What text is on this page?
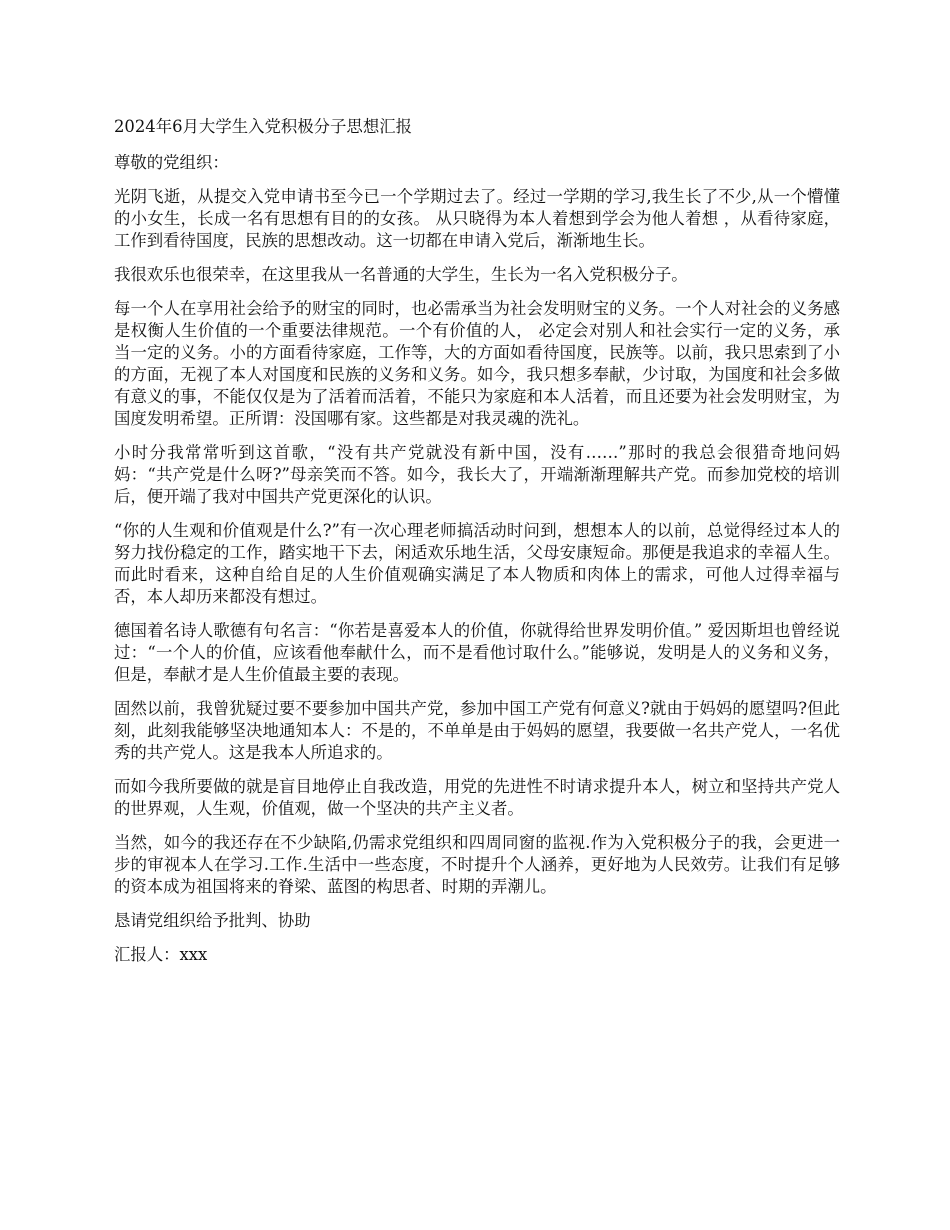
2024年6月大学生入党积极分子思想汇报

尊敬的党组织：

光阴飞逝，从提交入党申请书至今已一个学期过去了。经过一学期的学习,我生长了不少,从一个懵懂的小女生，长成一名有思想有目的的女孩。 从只晓得为本人着想到学会为他人着想 ，从看待家庭，工作到看待国度，民族的思想改动。这一切都在申请入党后，渐渐地生长。

我很欢乐也很荣幸，在这里我从一名普通的大学生，生长为一名入党积极分子。

每一个人在享用社会给予的财宝的同时，也必需承当为社会发明财宝的义务。一个人对社会的义务感是权衡人生价值的一个重要法律规范。一个有价值的人， 必定会对别人和社会实行一定的义务，承当一定的义务。小的方面看待家庭，工作等，大的方面如看待国度，民族等。以前，我只思索到了小的方面，无视了本人对国度和民族的义务和义务。如今，我只想多奉献，少讨取，为国度和社会多做有意义的事，不能仅仅是为了活着而活着，不能只为家庭和本人活着，而且还要为社会发明财宝，为国度发明希望。正所谓：没国哪有家。这些都是对我灵魂的洗礼。

小时分我常常听到这首歌，“没有共产党就没有新中国，没有……”那时的我总会很猎奇地问妈妈：“共产党是什么呀?”母亲笑而不答。如今，我长大了，开端渐渐理解共产党。而参加党校的培训后，便开端了我对中国共产党更深化的认识。

“你的人生观和价值观是什么?”有一次心理老师搞活动时问到，想想本人的以前，总觉得经过本人的努力找份稳定的工作，踏实地干下去，闲适欢乐地生活，父母安康短命。那便是我追求的幸福人生。而此时看来，这种自给自足的人生价值观确实满足了本人物质和肉体上的需求，可他人过得幸福与否，本人却历来都没有想过。

德国着名诗人歌德有句名言：“你若是喜爱本人的价值，你就得给世界发明价值。” 爱因斯坦也曾经说过：“一个人的价值，应该看他奉献什么，而不是看他讨取什么。”能够说，发明是人的义务和义务，但是，奉献才是人生价值最主要的表现。

固然以前，我曾犹疑过要不要参加中国共产党，参加中国工产党有何意义?就由于妈妈的愿望吗?但此刻，此刻我能够坚决地通知本人：不是的，不单单是由于妈妈的愿望，我要做一名共产党人，一名优秀的共产党人。这是我本人所追求的。

而如今我所要做的就是盲目地停止自我改造，用党的先进性不时请求提升本人，树立和坚持共产党人的世界观，人生观，价值观，做一个坚决的共产主义者。

当然，如今的我还存在不少缺陷,仍需求党组织和四周同窗的监视.作为入党积极分子的我，会更进一步的审视本人在学习.工作.生活中一些态度，不时提升个人涵养，更好地为人民效劳。让我们有足够的资本成为祖国将来的脊梁、蓝图的构思者、时期的弄潮儿。

恳请党组织给予批判、协助

汇报人：xxx
